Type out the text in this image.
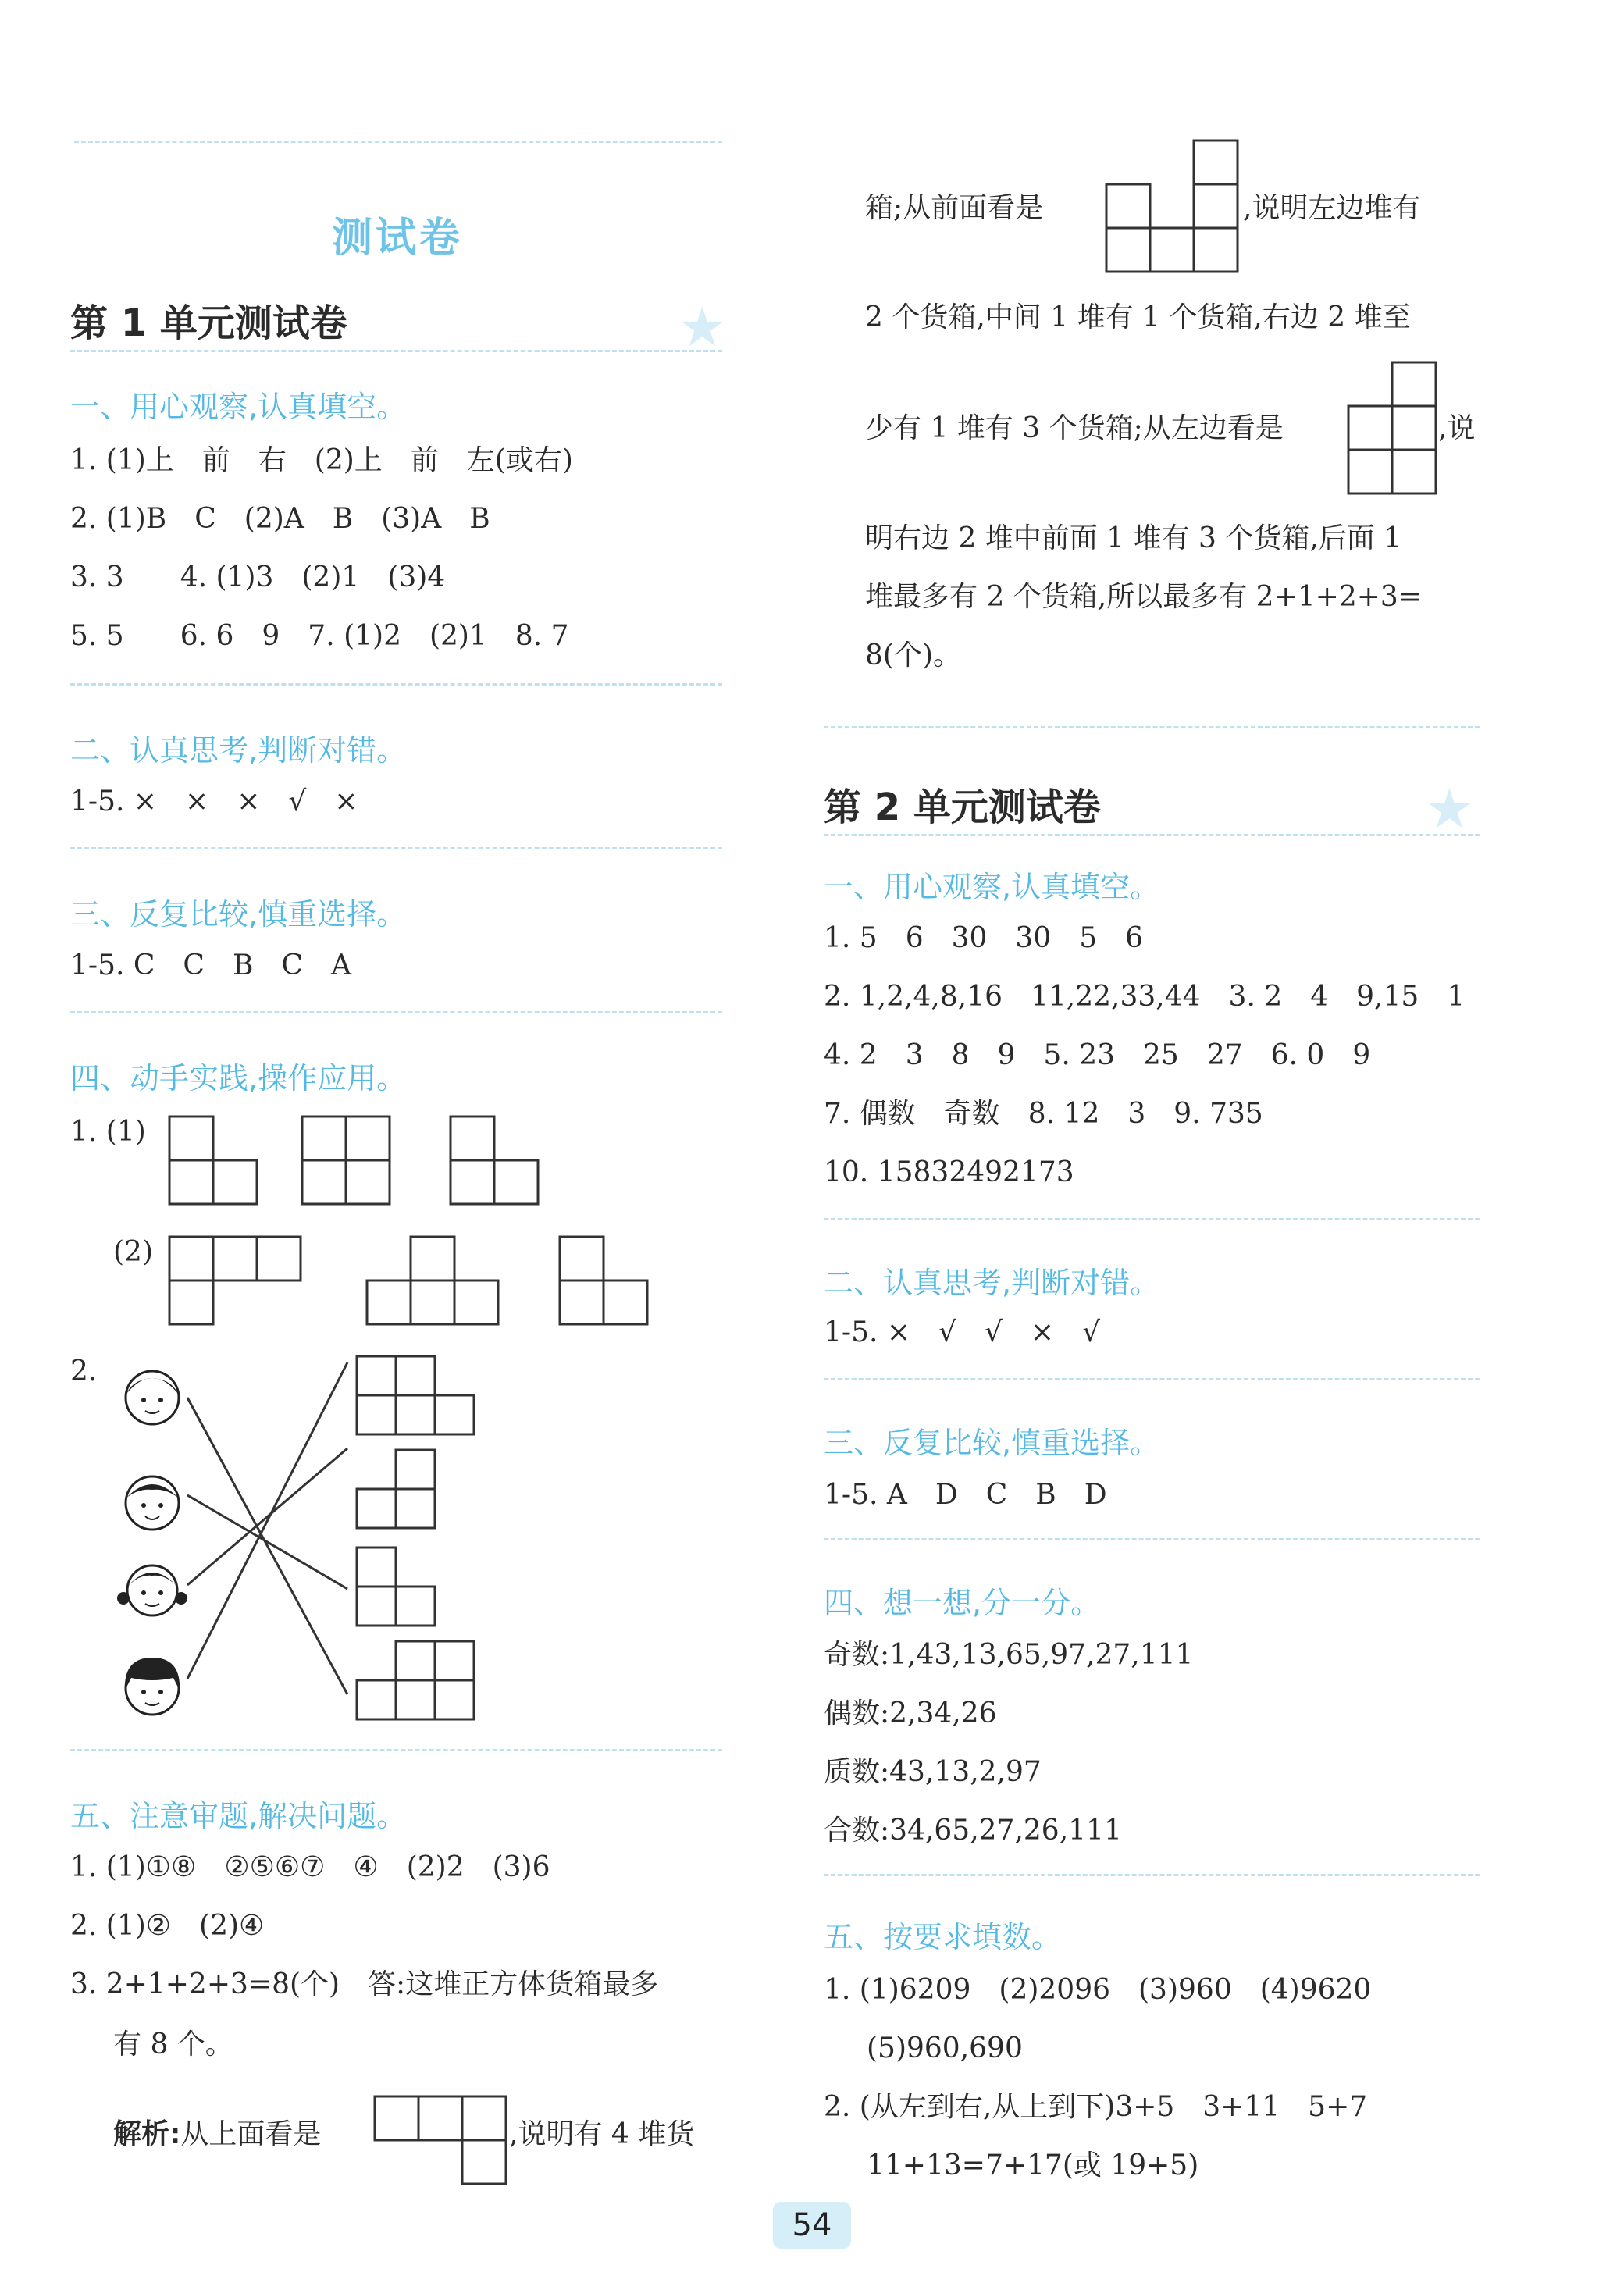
测试卷
第 1 单元测试卷	★
一、用心观察,认真填空。
1. (1)上　前　右　(2)上　前　左(或右)
2. (1)B　C　(2)A　B　(3)A　B
3. 3　　4. (1)3　(2)1　(3)4
5. 5　　6. 6　9　7. (1)2　(2)1　8. 7
二、认真思考,判断对错。
1-5. ×　×　×　√　×
三、反复比较,慎重选择。
1-5. C　C　B　C　A
四、动手实践,操作应用。
1. (1)
(2)
2.
五、注意审题,解决问题。
1. (1)①⑧　②⑤⑥⑦　④　(2)2　(3)6
2. (1)②　(2)④
3. 2+1+2+3=8(个)　答:这堆正方体货箱最多
有 8 个。
解析:从上面看是	,说明有 4 堆货
箱;从前面看是	,说明左边堆有
2 个货箱,中间 1 堆有 1 个货箱,右边 2 堆至
少有 1 堆有 3 个货箱;从左边看是	,说
明右边 2 堆中前面 1 堆有 3 个货箱,后面 1
堆最多有 2 个货箱,所以最多有 2+1+2+3=
8(个)。
第 2 单元测试卷	★
一、用心观察,认真填空。
1. 5　6　30　30　5　6
2. 1,2,4,8,16　11,22,33,44　3. 2　4　9,15　1
4. 2　3　8　9　5. 23　25　27　6. 0　9
7. 偶数　奇数　8. 12　3　9. 735
10. 15832492173
二、认真思考,判断对错。
1-5. ×　√　√　×　√
三、反复比较,慎重选择。
1-5. A　D　C　B　D
四、想一想,分一分。
奇数:1,43,13,65,97,27,111
偶数:2,34,26
质数:43,13,2,97
合数:34,65,27,26,111
五、按要求填数。
1. (1)6209　(2)2096　(3)960　(4)9620
(5)960,690
2. (从左到右,从上到下)3+5　3+11　5+7
11+13=7+17(或 19+5)
54
